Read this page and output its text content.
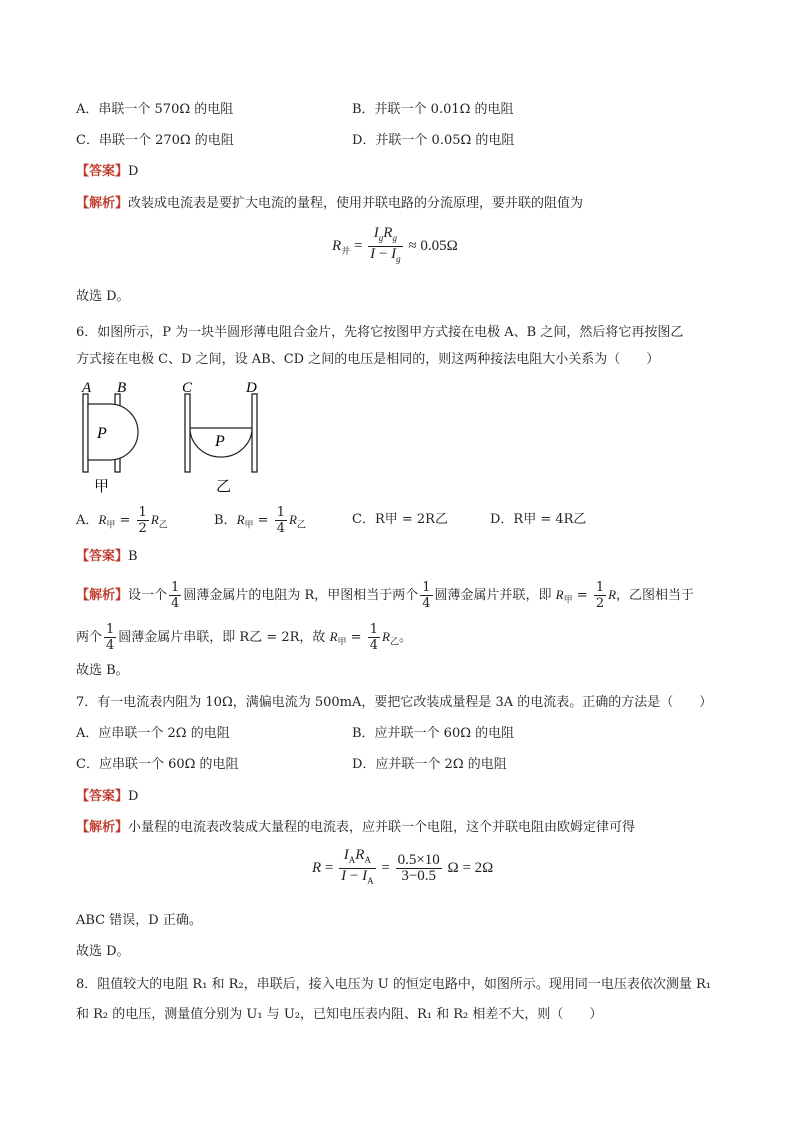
A．串联一个 570Ω 的电阻	B．并联一个 0.01Ω 的电阻
C．串联一个 270Ω 的电阻	D．并联一个 0.05Ω 的电阻
【答案】D
【解析】改装成电流表是要扩大电流的量程，使用并联电路的分流原理，要并联的阻值为
$R_并 = \frac{I_gR_g}{I - I_g} \approx 0.05\Omega$
故选 D。
6．如图所示，P 为一块半圆形薄电阻合金片，先将它按图甲方式接在电极 A、B 之间，然后将它再按图乙
方式接在电极 C、D 之间，设 AB、CD 之间的电压是相同的，则这两种接法电阻大小关系为（　　）
A B
P
甲
C	D
P
乙
A．$R_甲 = \frac{1}{2} R_乙$	B．$R_甲 = \frac{1}{4} R_乙$	C．R甲 = 2R乙	D．R甲 = 4R乙
【答案】B
【解析】设一个 $\frac{1}{4}$ 圆薄金属片的电阻为 R，甲图相当于两个 $\frac{1}{4}$ 圆薄金属片并联，即 $R_甲 = \frac{1}{2}$ R，乙图相当于
两个 $\frac{1}{4}$ 圆薄金属片串联，即 R乙 = 2R，故 $R_甲 = \frac{1}{4} R_乙$。
故选 B。
7．有一电流表内阻为 10Ω，满偏电流为 500mA，要把它改装成量程是 3A 的电流表。正确的方法是（　　）
A．应串联一个 2Ω 的电阻	B．应并联一个 60Ω 的电阻
C．应串联一个 60Ω 的电阻	D．应并联一个 2Ω 的电阻
【答案】D
【解析】小量程的电流表改装成大量程的电流表，应并联一个电阻，这个并联电阻由欧姆定律可得
$R = \frac{I_AR_A}{I - I_A} = \frac{0.5\times 10}{3-0.5}$ Ω = 2Ω
ABC 错误，D 正确。
故选 D。
8．阻值较大的电阻 R₁ 和 R₂，串联后，接入电压为 U 的恒定电路中，如图所示。现用同一电压表依次测量 R₁
和 R₂ 的电压，测量值分别为 U₁ 与 U₂，已知电压表内阻、R₁ 和 R₂ 相差不大，则（　　）
